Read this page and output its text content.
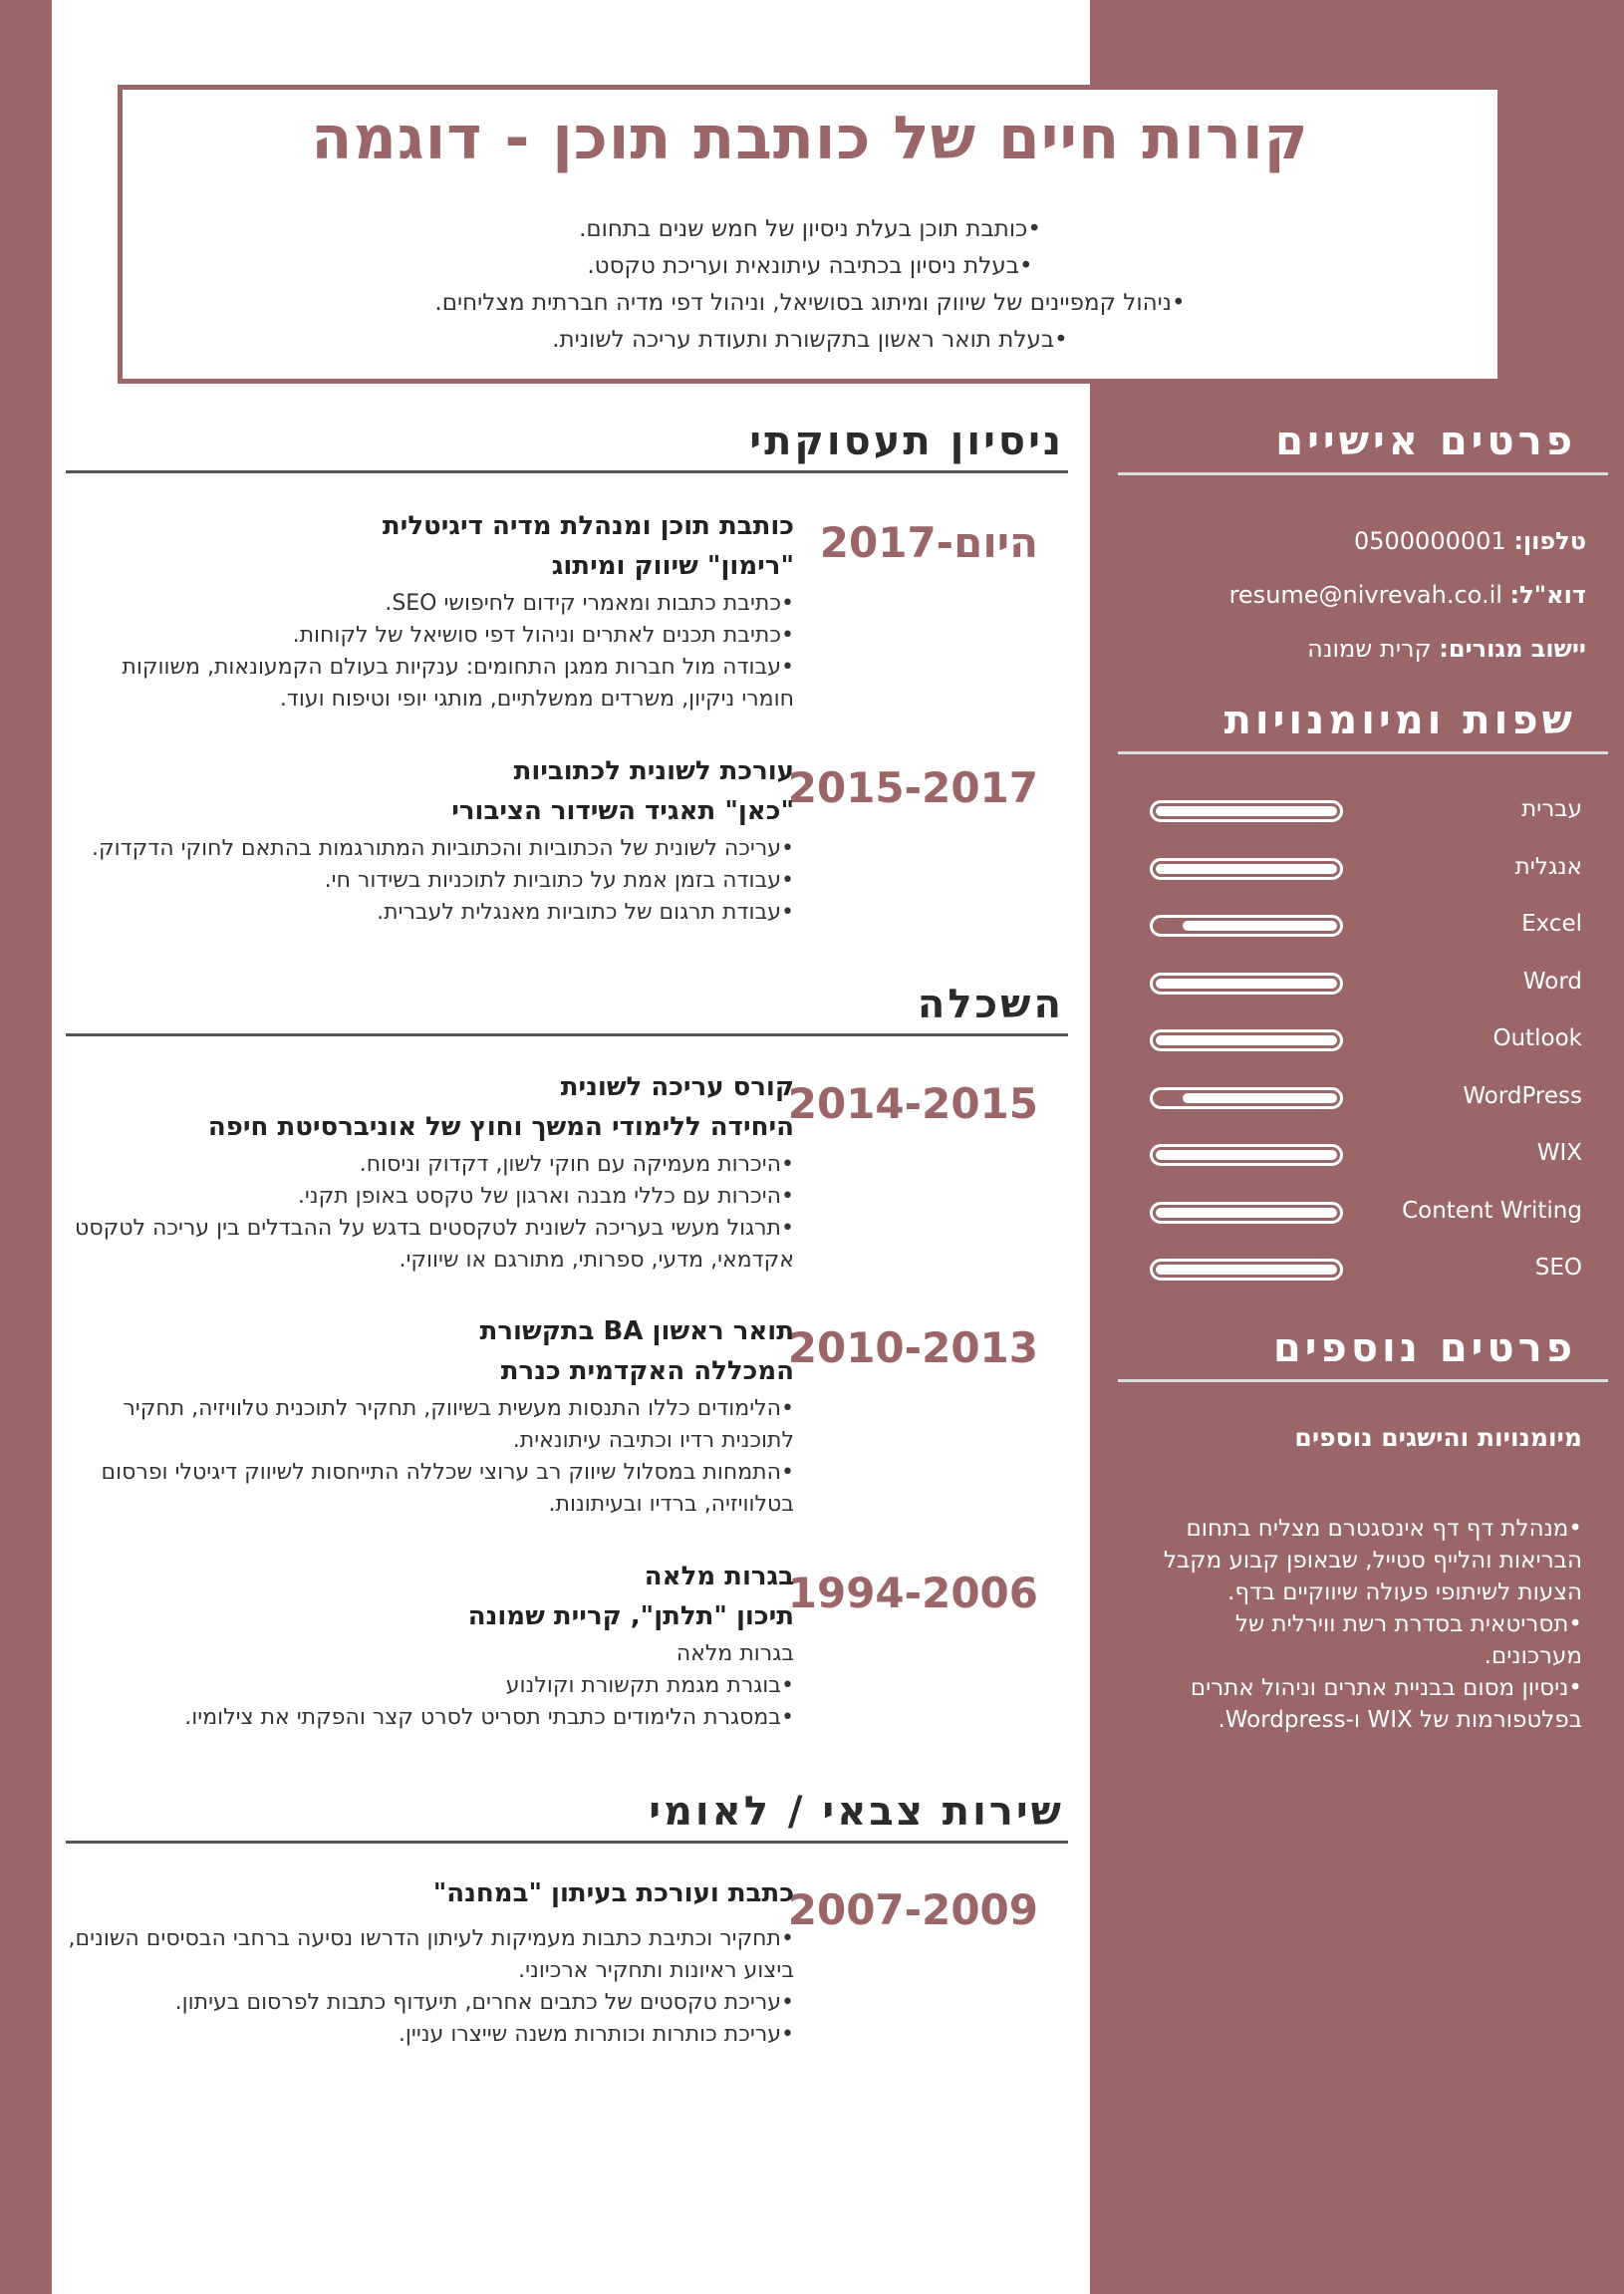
קורות חיים של כותבת תוכן - דוגמה
•כותבת תוכן בעלת ניסיון של חמש שנים בתחום.
•בעלת ניסיון בכתיבה עיתונאית ועריכת טקסט.
•ניהול קמפיינים של שיווק ומיתוג בסושיאל, וניהול דפי מדיה חברתית מצליחים.
•בעלת תואר ראשון בתקשורת ותעודת עריכה לשונית.
ניסיון תעסוקתי
2017-היום
כותבת תוכן ומנהלת מדיה דיגיטלית
"רימון" שיווק ומיתוג
•כתיבת כתבות ומאמרי קידום לחיפושי SEO.
•כתיבת תכנים לאתרים וניהול דפי סושיאל של לקוחות.
•עבודה מול חברות ממגן התחומים: ענקיות בעולם הקמעונאות, משווקות חומרי ניקיון, משרדים ממשלתיים, מותגי יופי וטיפוח ועוד.
2015-2017
עורכת לשונית לכתוביות
"כאן" תאגיד השידור הציבורי
•עריכה לשונית של הכתוביות והכתוביות המתורגמות בהתאם לחוקי הדקדוק.
•עבודה בזמן אמת על כתוביות לתוכניות בשידור חי.
•עבודת תרגום של כתוביות מאנגלית לעברית.
השכלה
2014-2015
קורס עריכה לשונית
היחידה ללימודי המשך וחוץ של אוניברסיטת חיפה
•היכרות מעמיקה עם חוקי לשון, דקדוק וניסוח.
•היכרות עם כללי מבנה וארגון של טקסט באופן תקני.
•תרגול מעשי בעריכה לשונית לטקסטים בדגש על ההבדלים בין עריכה לטקסט אקדמאי, מדעי, ספרותי, מתורגם או שיווקי.
2010-2013
תואר ראשון BA בתקשורת
המכללה האקדמית כנרת
•הלימודים כללו התנסות מעשית בשיווק, תחקיר לתוכנית טלוויזיה, תחקיר לתוכנית רדיו וכתיבה עיתונאית.
•התמחות במסלול שיווק רב ערוצי שכללה התייחסות לשיווק דיגיטלי ופרסום בטלוויזיה, ברדיו ובעיתונות.
1994-2006
בגרות מלאה
תיכון "תלתן", קריית שמונה
בגרות מלאה
•בוגרת מגמת תקשורת וקולנוע
•במסגרת הלימודים כתבתי תסריט לסרט קצר והפקתי את צילומיו.
שירות צבאי / לאומי
2007-2009
כתבת ועורכת בעיתון "במחנה"
•תחקיר וכתיבת כתבות מעמיקות לעיתון הדרשו נסיעה ברחבי הבסיסים השונים, ביצוע ראיונות ותחקיר ארכיוני.
•עריכת טקסטים של כתבים אחרים, תיעדוף כתבות לפרסום בעיתון.
•עריכת כותרות וכותרות משנה שייצרו עניין.
פרטים אישיים
טלפון: 0500000001
דוא"ל: resume@nivrevah.co.il
יישוב מגורים: קרית שמונה
שפות ומיומנויות
עברית
אנגלית
Excel
Word
Outlook
WordPress
WIX
Content Writing
SEO
פרטים נוספים
מיומנויות והישגים נוספים
•מנהלת דף דף אינסגטרם מצליח בתחום הבריאות והלייף סטייל, שבאופן קבוע מקבל הצעות לשיתופי פעולה שיווקיים בדף.
•תסריטאית בסדרת רשת ווירלית של מערכונים.
•ניסיון מסום בבניית אתרים וניהול אתרים בפלטפורמות של WIX ו-Wordpress.
